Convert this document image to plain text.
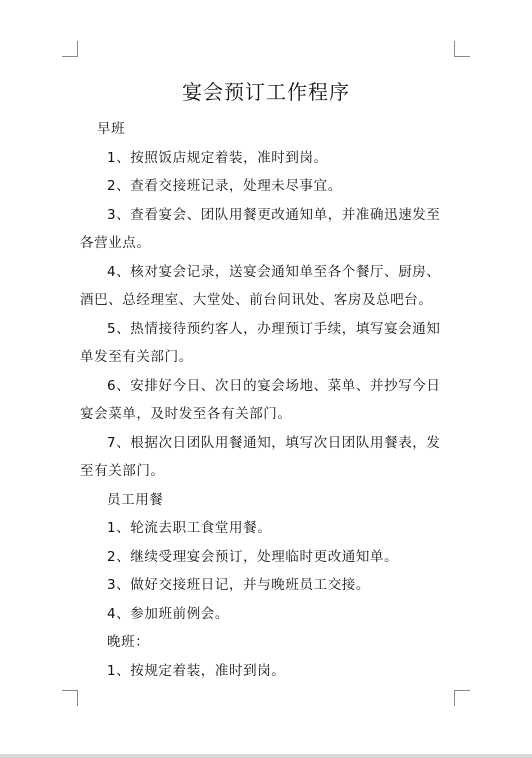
宴会预订工作程序

早班

1、按照饭店规定着装，准时到岗。

2、查看交接班记录，处理未尽事宜。

3、查看宴会、团队用餐更改通知单，并准确迅速发至各营业点。

4、核对宴会记录，送宴会通知单至各个餐厅、厨房、酒巴、总经理室、大堂处、前台问讯处、客房及总吧台。

5、热情接待预约客人，办理预订手续，填写宴会通知单发至有关部门。

6、安排好今日、次日的宴会场地、菜单、并抄写今日宴会菜单，及时发至各有关部门。

7、根据次日团队用餐通知，填写次日团队用餐表，发至有关部门。

员工用餐

1、轮流去职工食堂用餐。

2、继续受理宴会预订，处理临时更改通知单。

3、做好交接班日记，并与晚班员工交接。

4、参加班前例会。

晚班：

1、按规定着装，准时到岗。
